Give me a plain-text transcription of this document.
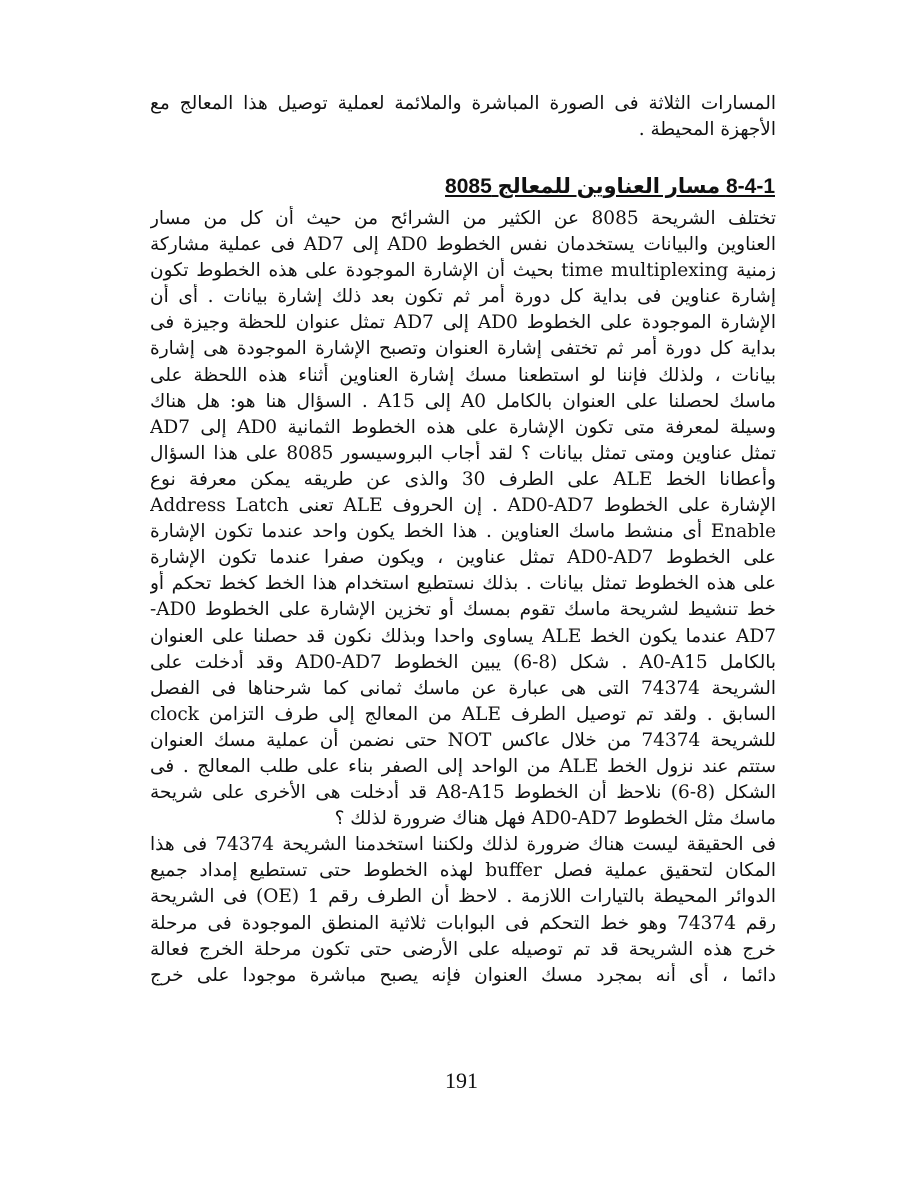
المسارات الثلاثة فى الصورة المباشرة والملائمة لعملية توصيل هذا المعالج مع
الأجهزة المحيطة .
8-4-1 مسار العناوين للمعالج 8085
تختلف الشريحة 8085 عن الكثير من الشرائح من حيث أن كل من مسار
العناوين والبيانات يستخدمان نفس الخطوط AD0 إلى AD7 فى عملية مشاركة
زمنية time multiplexing بحيث أن الإشارة الموجودة على هذه الخطوط تكون
إشارة عناوين فى بداية كل دورة أمر ثم تكون بعد ذلك إشارة بيانات . أى أن
الإشارة الموجودة على الخطوط AD0 إلى AD7 تمثل عنوان للحظة وجيزة فى
بداية كل دورة أمر ثم تختفى إشارة العنوان وتصبح الإشارة الموجودة هى إشارة
بيانات ، ولذلك فإننا لو استطعنا مسك إشارة العناوين أثناء هذه اللحظة على
ماسك لحصلنا على العنوان بالكامل A0 إلى A15 . السؤال هنا هو: هل هناك
وسيلة لمعرفة متى تكون الإشارة على هذه الخطوط الثمانية AD0 إلى AD7
تمثل عناوين ومتى تمثل بيانات ؟ لقد أجاب البروسيسور 8085 على هذا السؤال
وأعطانا الخط ALE على الطرف 30 والذى عن طريقه يمكن معرفة نوع
الإشارة على الخطوط AD0-AD7 . إن الحروف ALE تعنى Address Latch
Enable أى منشط ماسك العناوين . هذا الخط يكون واحد عندما تكون الإشارة
على الخطوط AD0-AD7 تمثل عناوين ، ويكون صفرا عندما تكون الإشارة
على هذه الخطوط تمثل بيانات . بذلك نستطيع استخدام هذا الخط كخط تحكم أو
خط تنشيط لشريحة ماسك تقوم بمسك أو تخزين الإشارة على الخطوط AD0-
AD7 عندما يكون الخط ALE يساوى واحدا وبذلك نكون قد حصلنا على العنوان
بالكامل A0-A15 . شكل (8-6) يبين الخطوط AD0-AD7 وقد أدخلت على
الشريحة 74374 التى هى عبارة عن ماسك ثمانى كما شرحناها فى الفصل
السابق . ولقد تم توصيل الطرف ALE من المعالج إلى طرف التزامن clock
للشريحة 74374 من خلال عاكس NOT حتى نضمن أن عملية مسك العنوان
ستتم عند نزول الخط ALE من الواحد إلى الصفر بناء على طلب المعالج . فى
الشكل (8-6) نلاحظ أن الخطوط A8-A15 قد أدخلت هى الأخرى على شريحة
ماسك مثل الخطوط AD0-AD7 فهل هناك ضرورة لذلك ؟
فى الحقيقة ليست هناك ضرورة لذلك ولكننا استخدمنا الشريحة 74374 فى هذا
المكان لتحقيق عملية فصل buffer لهذه الخطوط حتى تستطيع إمداد جميع
الدوائر المحيطة بالتيارات اللازمة . لاحظ أن الطرف رقم 1 (OE) فى الشريحة
رقم 74374 وهو خط التحكم فى البوابات ثلاثية المنطق الموجودة فى مرحلة
خرج هذه الشريحة قد تم توصيله على الأرضى حتى تكون مرحلة الخرج فعالة
دائما ، أى أنه بمجرد مسك العنوان فإنه يصبح مباشرة موجودا على خرج
191
